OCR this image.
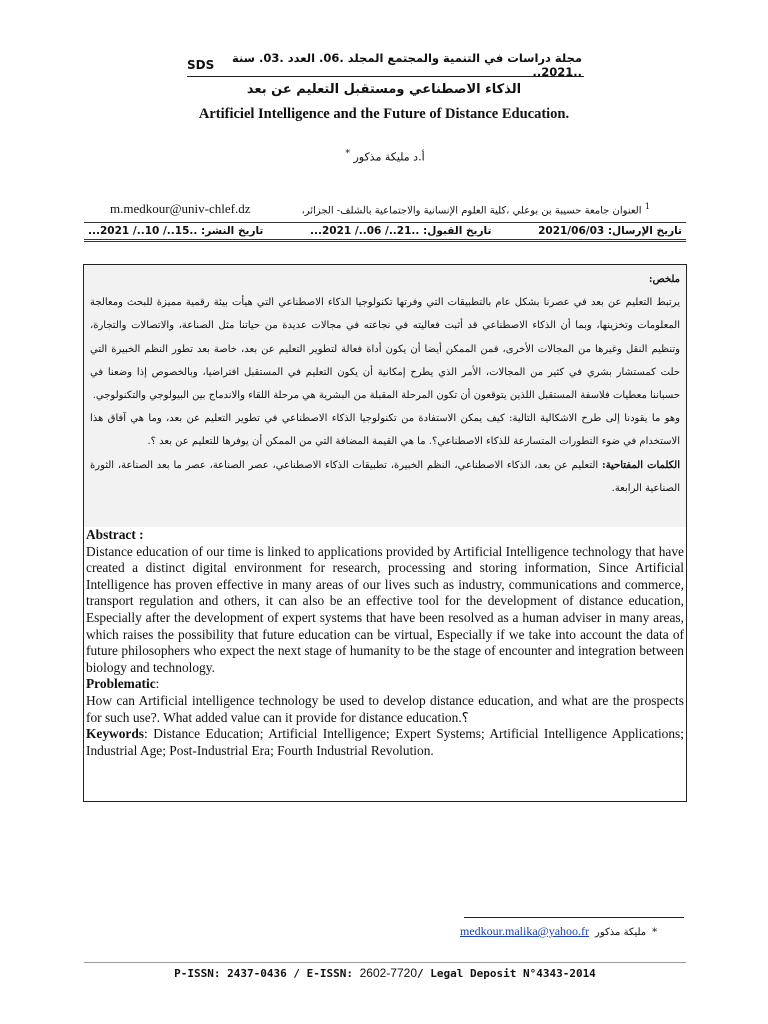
SDS	مجلة دراسات في التنمية والمجتمع المجلد .06. العدد .03. سنة ..2021..
الذكاء الاصطناعي ومستقبل التعليم عن بعد
Artificiel Intelligence and the Future of Distance Education.
أ.د مليكة مذكور *
$^1$ العنوان جامعة حسيبة بن بوعلي ،كلية العلوم الإنسانية والاجتماعية بالشلف- الجزائر،
m.medkour@univ-chlef.dz
تاريخ الإرسال: 2021/06/03
تاريخ القبول: ..21../ 06../ 2021...
تاريخ النشر: ..15../ 10../ 2021...

ملخص:

يرتبط التعليم عن بعد في عصرنا بشكل عام بالتطبيقات التي وفرتها تكنولوجيا الذكاء الاصطناعي التي هيأت بيئة رقمية مميزة للبحث ومعالجة المعلومات وتخزينها، وبما أن الذكاء الاصطناعي قد أثبت فعاليته في نجاعته في مجالات عديدة من حياتنا مثل الصناعة، والاتصالات والتجارة، وتنظيم النقل وغيرها من المجالات الأخرى، فمن الممكن أيضا أن يكون أداة فعالة لتطوير التعليم عن بعد، خاصة بعد تطور النظم الخبيرة التي حلت كمستشار بشري في كثير من المجالات، الأمر الذي يطرح إمكانية أن يكون التعليم في المستقبل افتراضيا، وبالخصوص إذا وضعنا في حسباننا معطيات فلاسفة المستقبل اللذين يتوقعون أن تكون المرحلة المقبلة من البشرية هي مرحلة اللقاء والاندماج بين البيولوجي والتكنولوجي.

وهو ما يقودنا إلى طرح الاشكالية التالية: كيف يمكن الاستفادة من تكنولوجيا الذكاء الاصطناعي في تطوير التعليم عن بعد، وما هي آفاق هذا الاستخدام في ضوء التطورات المتسارعة للذكاء الاصطناعي؟. ما هي القيمة المضافة التي من الممكن أن يوفرها للتعليم عن بعد ؟.

الكلمات المفتاحية: التعليم عن بعد، الذكاء الاصطناعي، النظم الخبيرة، تطبيقات الذكاء الاصطناعي، عصر الصناعة، عصر ما بعد الصناعة، الثورة الصناعية الرابعة.

Abstract :

Distance education of our time is linked to applications provided by Artificial Intelligence technology that have created a distinct digital environment for research, processing and storing information, Since Artificial Intelligence has proven effective in many areas of our lives such as industry, communications and commerce, transport regulation and others, it can also be an effective tool for the development of distance education, Especially after the development of expert systems that have been resolved as a human adviser in many areas, which raises the possibility that future education can be virtual, Especially if we take into account the data of future philosophers who expect the next stage of humanity to be the stage of encounter and integration between biology and technology.

Problematic:

How can Artificial intelligence technology be used to develop distance education, and what are the prospects for such use?. What added value can it provide for distance education.؟

Keywords: Distance Education; Artificial Intelligence; Expert Systems; Artificial Intelligence Applications; Industrial Age; Post-Industrial Era; Fourth Industrial Revolution.

*
مليكة مذكور
medkour.malika@yahoo.fr
P-ISSN: 2437-0436 / E-ISSN: 2602-7720/ Legal Deposit N°4343-2014
